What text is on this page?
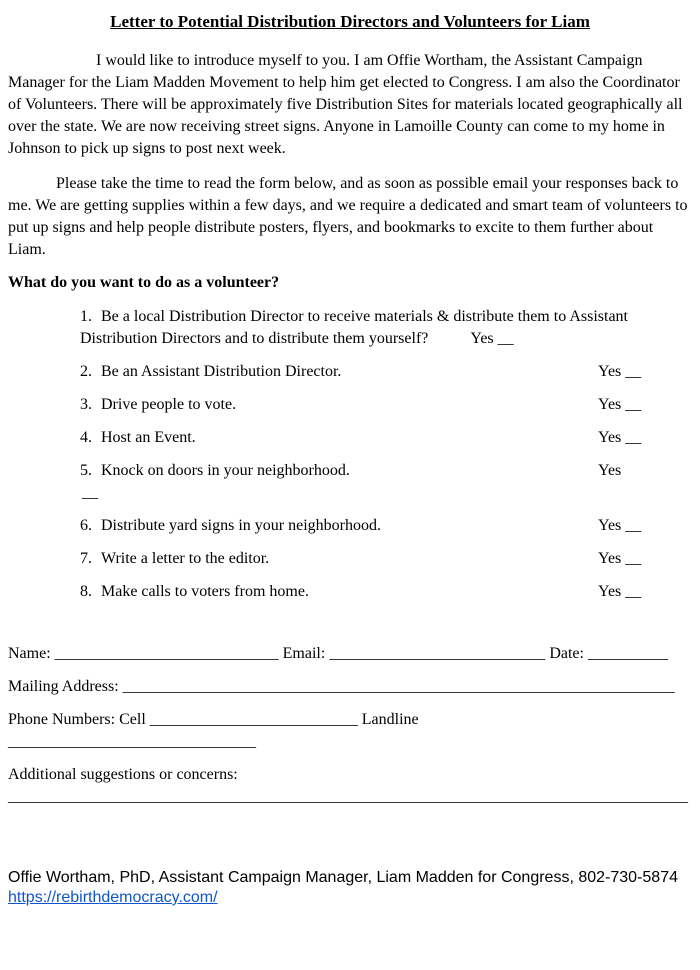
Letter to Potential Distribution Directors and Volunteers for Liam

I would like to introduce myself to you. I am Offie Wortham, the Assistant Campaign Manager for the Liam Madden Movement to help him get elected to Congress. I am also the Coordinator of Volunteers. There will be approximately five Distribution Sites for materials located geographically all over the state. We are now receiving street signs. Anyone in Lamoille County can come to my home in Johnson to pick up signs to post next week.

Please take the time to read the form below, and as soon as possible email your responses back to me. We are getting supplies within a few days, and we require a dedicated and smart team of volunteers to put up signs and help people distribute posters, flyers, and bookmarks to excite to them further about Liam.

What do you want to do as a volunteer?

1. Be a local Distribution Director to receive materials & distribute them to Assistant Distribution Directors and to distribute them yourself?	Yes __
2. Be an Assistant Distribution Director.	Yes __
3. Drive people to vote.	Yes __
4. Host an Event.	Yes __
5. Knock on doors in your neighborhood.	Yes
__
6. Distribute yard signs in your neighborhood.	Yes __
7. Write a letter to the editor.	Yes __
8. Make calls to voters from home.	Yes __
Name: ____________________________ Email: ___________________________ Date: __________
Mailing Address: _____________________________________________________________________
Phone Numbers: Cell __________________________ Landline
_______________________________
Additional suggestions or concerns:
_____________________________________________________________________________________
Offie Wortham, PhD, Assistant Campaign Manager, Liam Madden for Congress, 802-730-5874
https://rebirthdemocracy.com/
